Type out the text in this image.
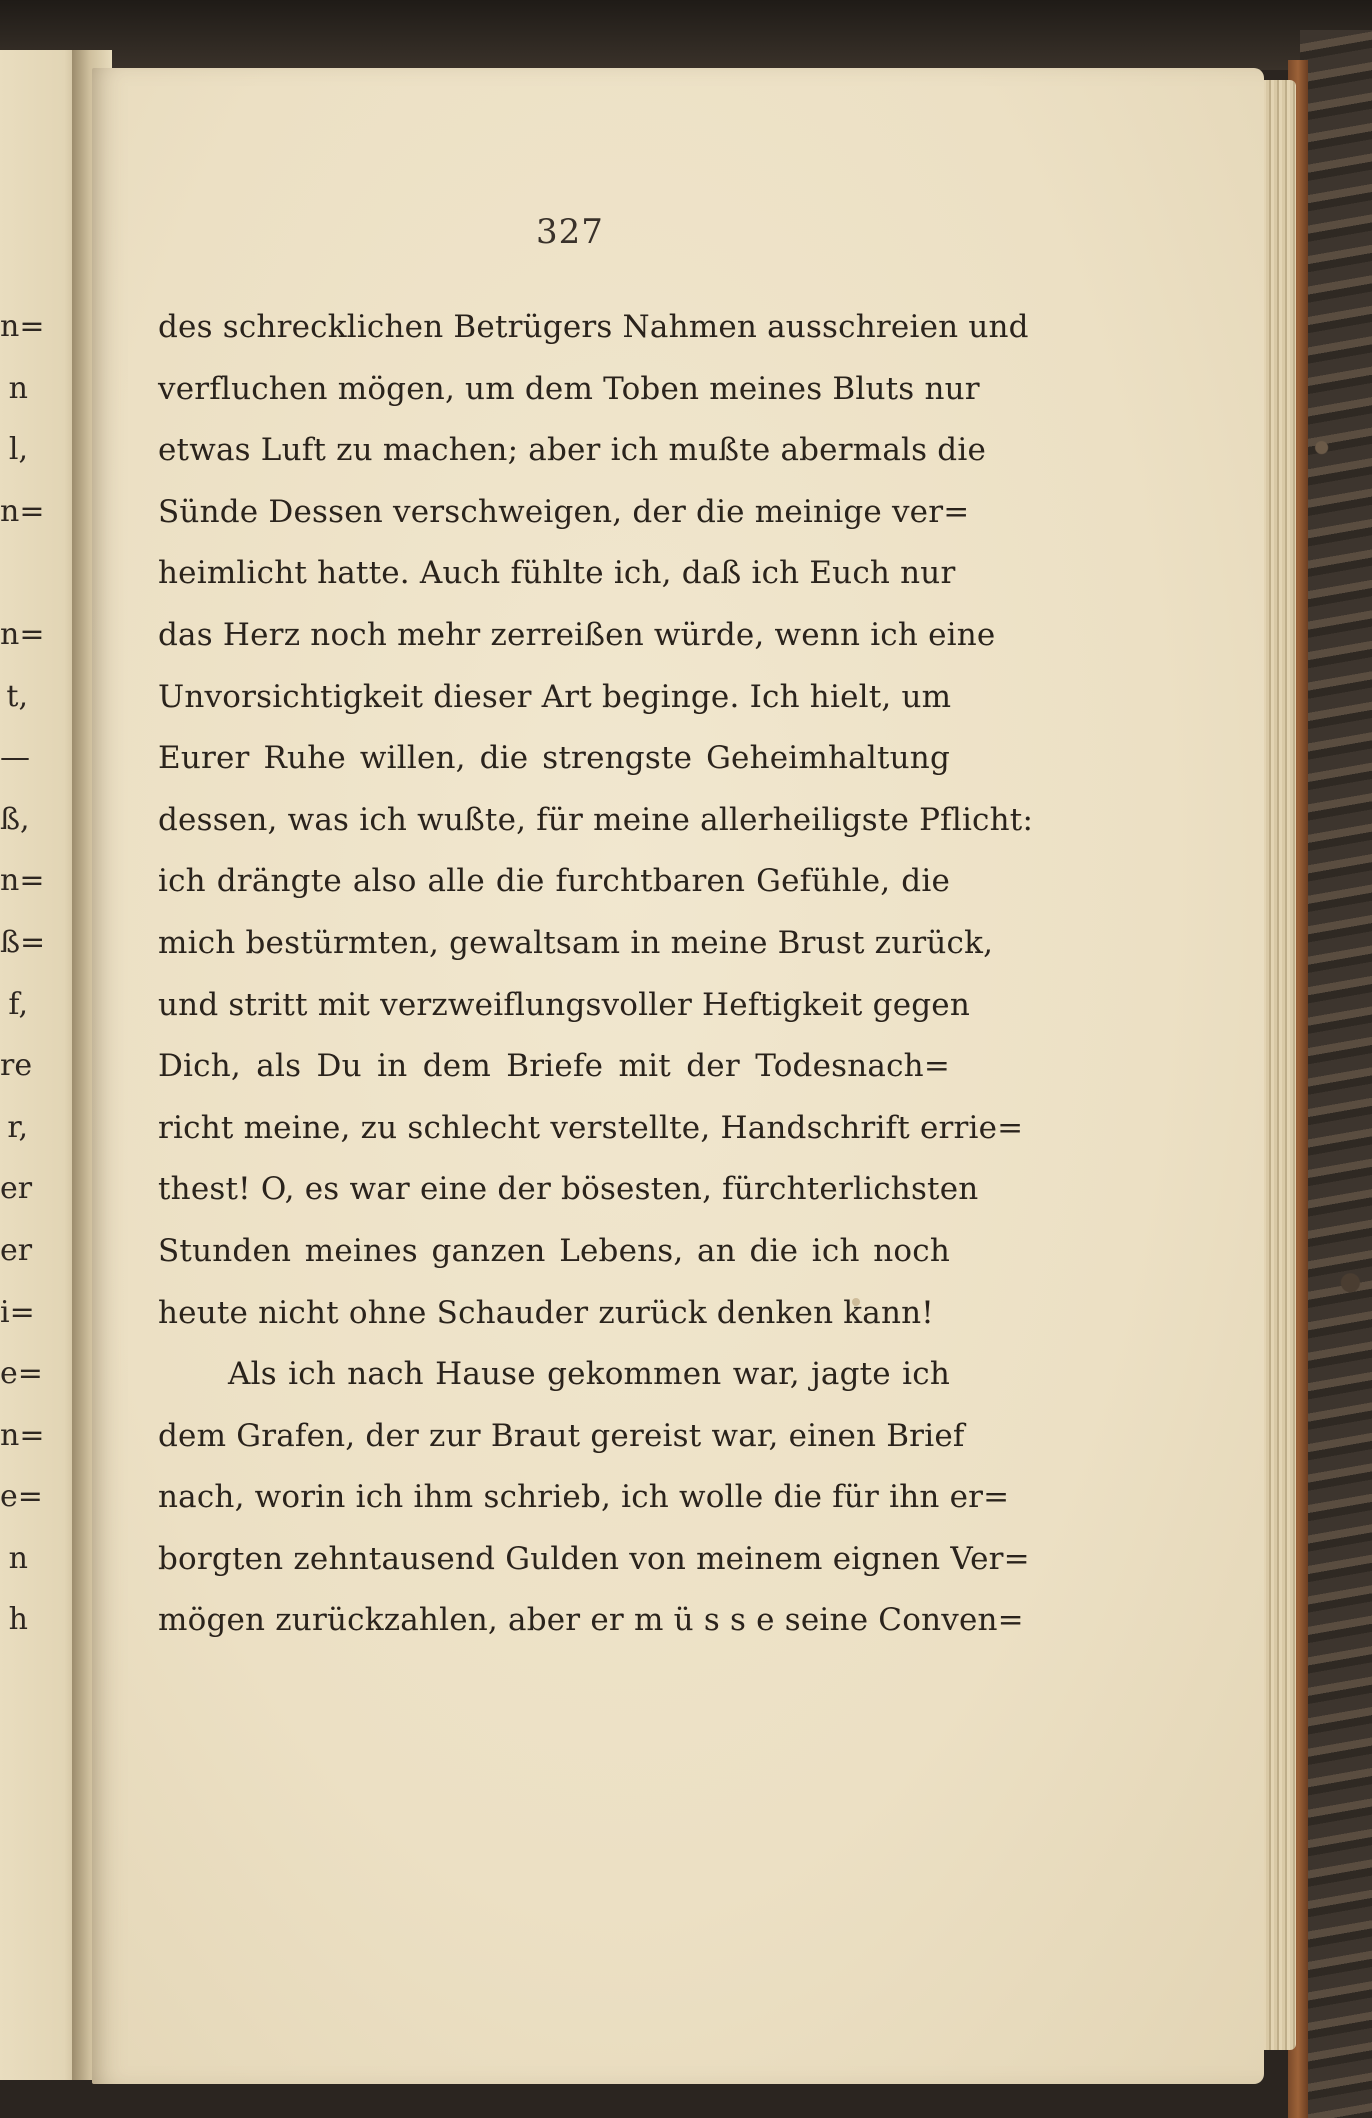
n=
n
l,
n=
n=
t,
—
ß,
n=
ß=
f,
re
r,
er
er
i=
e=
n=
e=
n
h
327
des schrecklichen Betrügers Nahmen ausschreien und
verfluchen mögen, um dem Toben meines Bluts nur
etwas Luft zu machen; aber ich mußte abermals die
Sünde Dessen verschweigen, der die meinige ver=
heimlicht hatte. Auch fühlte ich, daß ich Euch nur
das Herz noch mehr zerreißen würde, wenn ich eine
Unvorsichtigkeit dieser Art beginge. Ich hielt, um
Eurer Ruhe willen, die strengste Geheimhaltung
dessen, was ich wußte, für meine allerheiligste Pflicht:
ich drängte also alle die furchtbaren Gefühle, die
mich bestürmten, gewaltsam in meine Brust zurück,
und stritt mit verzweiflungsvoller Heftigkeit gegen
Dich, als Du in dem Briefe mit der Todesnach=
richt meine, zu schlecht verstellte, Handschrift errie=
thest! O, es war eine der bösesten, fürchterlichsten
Stunden meines ganzen Lebens, an die ich noch
heute nicht ohne Schauder zurück denken kann!
Als ich nach Hause gekommen war, jagte ich
dem Grafen, der zur Braut gereist war, einen Brief
nach, worin ich ihm schrieb, ich wolle die für ihn er=
borgten zehntausend Gulden von meinem eignen Ver=
mögen zurückzahlen, aber er m ü s s e seine Conven=
